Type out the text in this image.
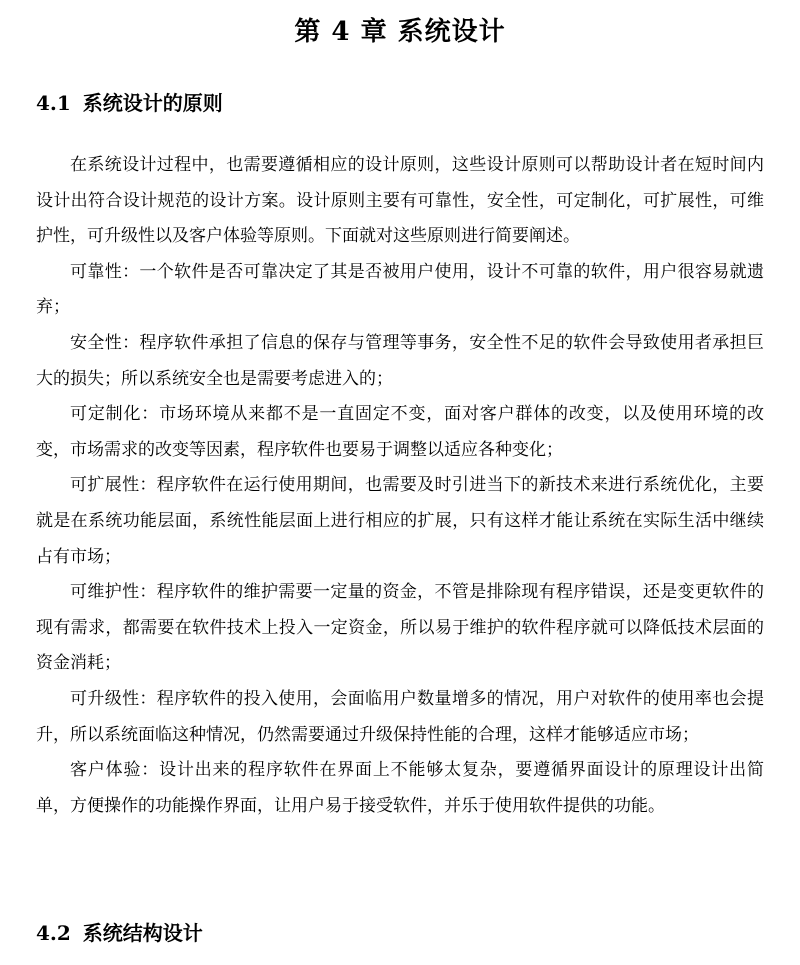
第 4 章 系统设计
4.1 系统设计的原则

在系统设计过程中，也需要遵循相应的设计原则，这些设计原则可以帮助设计者在短时间内设计出符合设计规范的设计方案。设计原则主要有可靠性，安全性，可定制化，可扩展性，可维护性，可升级性以及客户体验等原则。下面就对这些原则进行简要阐述。

可靠性：一个软件是否可靠决定了其是否被用户使用，设计不可靠的软件，用户很容易就遗弃；

安全性：程序软件承担了信息的保存与管理等事务，安全性不足的软件会导致使用者承担巨大的损失；所以系统安全也是需要考虑进入的；

可定制化：市场环境从来都不是一直固定不变，面对客户群体的改变，以及使用环境的改变，市场需求的改变等因素，程序软件也要易于调整以适应各种变化；

可扩展性：程序软件在运行使用期间，也需要及时引进当下的新技术来进行系统优化，主要就是在系统功能层面，系统性能层面上进行相应的扩展，只有这样才能让系统在实际生活中继续占有市场；

可维护性：程序软件的维护需要一定量的资金，不管是排除现有程序错误，还是变更软件的现有需求，都需要在软件技术上投入一定资金，所以易于维护的软件程序就可以降低技术层面的资金消耗；

可升级性：程序软件的投入使用，会面临用户数量增多的情况，用户对软件的使用率也会提升，所以系统面临这种情况，仍然需要通过升级保持性能的合理，这样才能够适应市场；

客户体验：设计出来的程序软件在界面上不能够太复杂，要遵循界面设计的原理设计出简单，方便操作的功能操作界面，让用户易于接受软件，并乐于使用软件提供的功能。

4.2 系统结构设计
